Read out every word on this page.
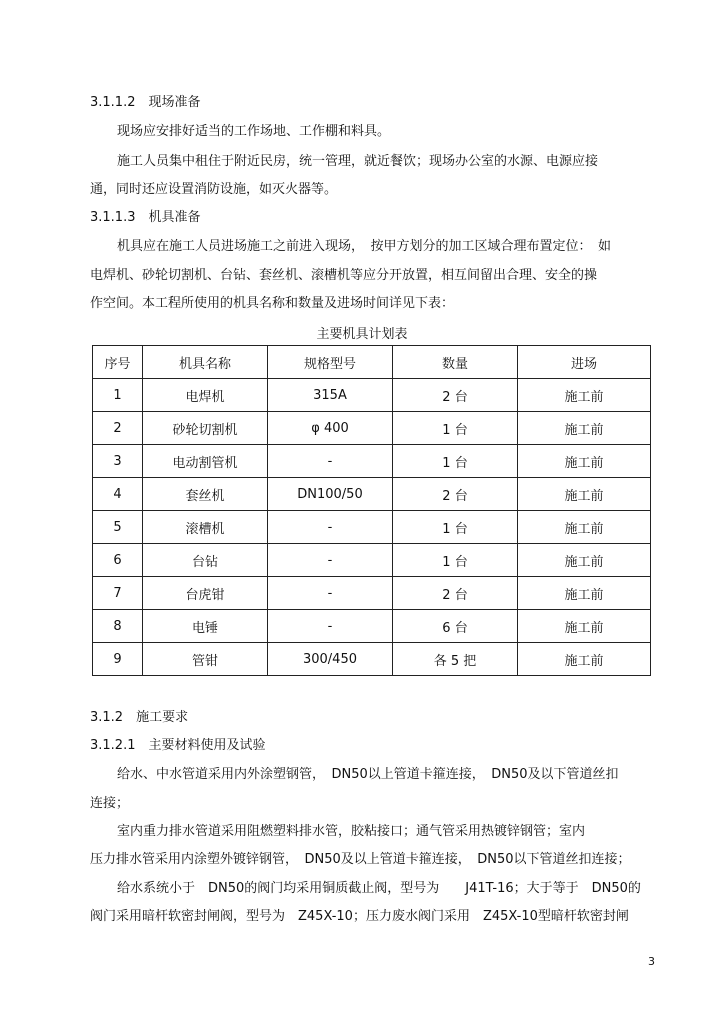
3.1.1.2　现场准备
现场应安排好适当的工作场地、工作棚和料具。
施工人员集中租住于附近民房，统一管理，就近餐饮；现场办公室的水源、电源应接
通，同时还应设置消防设施，如灭火器等。
3.1.1.3　机具准备
机具应在施工人员进场施工之前进入现场，　按甲方划分的加工区域合理布置定位：　如
电焊机、砂轮切割机、台钻、套丝机、滚槽机等应分开放置，相互间留出合理、安全的操
作空间。本工程所使用的机具名称和数量及进场时间详见下表：
主要机具计划表
序号	机具名称	规格型号	数量	进场
1	电焊机	315A	2 台	施工前
2	砂轮切割机	φ 400	1 台	施工前
3	电动割管机	-	1 台	施工前
4	套丝机	DN100/50	2 台	施工前
5	滚槽机	-	1 台	施工前
6	台钻	-	1 台	施工前
7	台虎钳	-	2 台	施工前
8	电锤	-	6 台	施工前
9	管钳	300/450	各 5 把	施工前
3.1.2　施工要求
3.1.2.1　主要材料使用及试验
给水、中水管道采用内外涂塑钢管，　DN50以上管道卡箍连接，　DN50及以下管道丝扣
连接；
室内重力排水管道采用阻燃塑料排水管，胶粘接口；通气管采用热镀锌钢管；室内
压力排水管采用内涂塑外镀锌钢管，　DN50及以上管道卡箍连接，　DN50以下管道丝扣连接；
给水系统小于　DN50的阀门均采用铜质截止阀，型号为　　J41T-16；大于等于　DN50的
阀门采用暗杆软密封闸阀，型号为　Z45X-10；压力废水阀门采用　Z45X-10型暗杆软密封闸
3
